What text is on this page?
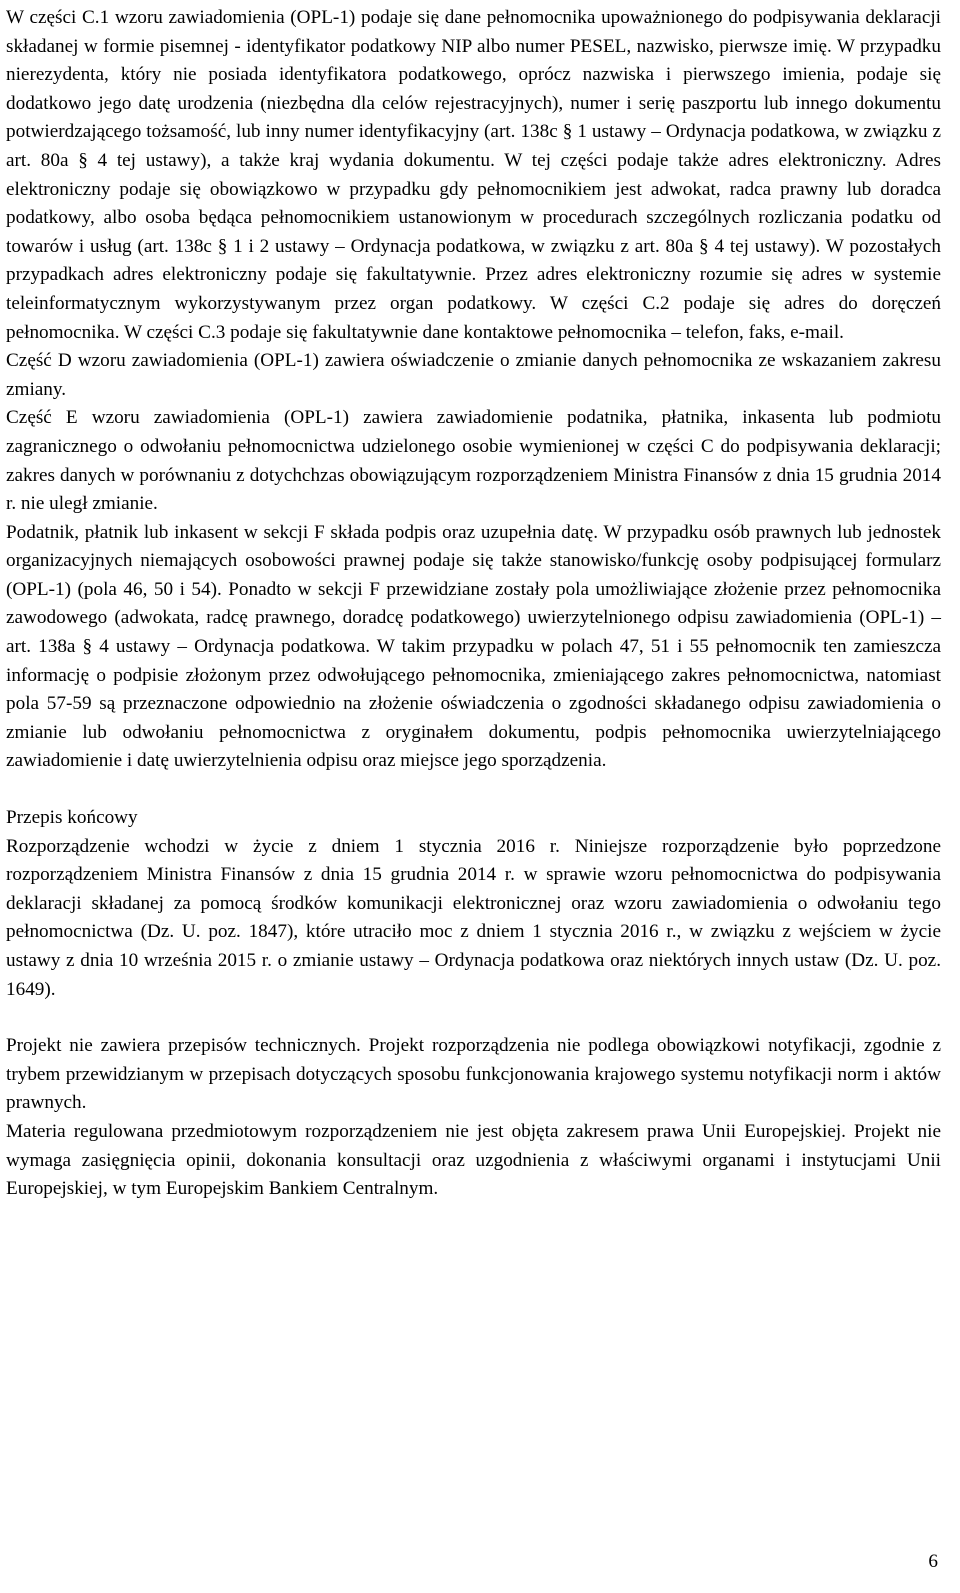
W części C.1 wzoru zawiadomienia (OPL-1) podaje się dane pełnomocnika upoważnionego do podpisywania deklaracji składanej w formie pisemnej - identyfikator podatkowy NIP albo numer PESEL, nazwisko, pierwsze imię. W przypadku nierezydenta, który nie posiada identyfikatora podatkowego, oprócz nazwiska i pierwszego imienia, podaje się dodatkowo jego datę urodzenia (niezbędna dla celów rejestracyjnych), numer i serię paszportu lub innego dokumentu potwierdzającego tożsamość, lub inny numer identyfikacyjny (art. 138c § 1 ustawy – Ordynacja podatkowa, w związku z art. 80a § 4 tej ustawy), a także kraj wydania dokumentu. W tej części podaje także adres elektroniczny. Adres elektroniczny podaje się obowiązkowo w przypadku gdy pełnomocnikiem jest adwokat, radca prawny lub doradca podatkowy, albo osoba będąca pełnomocnikiem ustanowionym w procedurach szczególnych rozliczania podatku od towarów i usług (art. 138c § 1 i 2 ustawy – Ordynacja podatkowa, w związku z art. 80a § 4 tej ustawy). W pozostałych przypadkach adres elektroniczny podaje się fakultatywnie. Przez adres elektroniczny rozumie się adres w systemie teleinformatycznym wykorzystywanym przez organ podatkowy. W części C.2 podaje się adres do doręczeń pełnomocnika. W części C.3 podaje się fakultatywnie dane kontaktowe pełnomocnika – telefon, faks, e-mail.

Część D wzoru zawiadomienia (OPL-1) zawiera oświadczenie o zmianie danych pełnomocnika ze wskazaniem zakresu zmiany.

Część E wzoru zawiadomienia (OPL-1) zawiera zawiadomienie podatnika, płatnika, inkasenta lub podmiotu zagranicznego o odwołaniu pełnomocnictwa udzielonego osobie wymienionej w części C do podpisywania deklaracji; zakres danych w porównaniu z dotychchzas obowiązującym rozporządzeniem Ministra Finansów z dnia 15 grudnia 2014 r. nie uległ zmianie.

Podatnik, płatnik lub inkasent w sekcji F składa podpis oraz uzupełnia datę. W przypadku osób prawnych lub jednostek organizacyjnych niemających osobowości prawnej podaje się także stanowisko/funkcję osoby podpisującej formularz (OPL-1) (pola 46, 50 i 54). Ponadto w sekcji F przewidziane zostały pola umożliwiające złożenie przez pełnomocnika zawodowego (adwokata, radcę prawnego, doradcę podatkowego) uwierzytelnionego odpisu zawiadomienia (OPL-1) – art. 138a § 4 ustawy – Ordynacja podatkowa. W takim przypadku w polach 47, 51 i 55 pełnomocnik ten zamieszcza informację o podpisie złożonym przez odwołującego pełnomocnika, zmieniającego zakres pełnomocnictwa, natomiast pola 57-59 są przeznaczone odpowiednio na złożenie oświadczenia o zgodności składanego odpisu zawiadomienia o zmianie lub odwołaniu pełnomocnictwa z oryginałem dokumentu, podpis pełnomocnika uwierzytelniającego zawiadomienie i datę uwierzytelnienia odpisu oraz miejsce jego sporządzenia.

Przepis końcowy

Rozporządzenie wchodzi w życie z dniem 1 stycznia 2016 r. Niniejsze rozporządzenie było poprzedzone rozporządzeniem Ministra Finansów z dnia 15 grudnia 2014 r. w sprawie wzoru pełnomocnictwa do podpisywania deklaracji składanej za pomocą środków komunikacji elektronicznej oraz wzoru zawiadomienia o odwołaniu tego pełnomocnictwa (Dz. U. poz. 1847), które utraciło moc z dniem 1 stycznia 2016 r., w związku z wejściem w życie ustawy z dnia 10 września 2015 r. o zmianie ustawy – Ordynacja podatkowa oraz niektórych innych ustaw (Dz. U. poz. 1649).

Projekt nie zawiera przepisów technicznych. Projekt rozporządzenia nie podlega obowiązkowi notyfikacji, zgodnie z trybem przewidzianym w przepisach dotyczących sposobu funkcjonowania krajowego systemu notyfikacji norm i aktów prawnych.

Materia regulowana przedmiotowym rozporządzeniem nie jest objęta zakresem prawa Unii Europejskiej. Projekt nie wymaga zasięgnięcia opinii, dokonania konsultacji oraz uzgodnienia z właściwymi organami i instytucjami Unii Europejskiej, w tym Europejskim Bankiem Centralnym.

6
